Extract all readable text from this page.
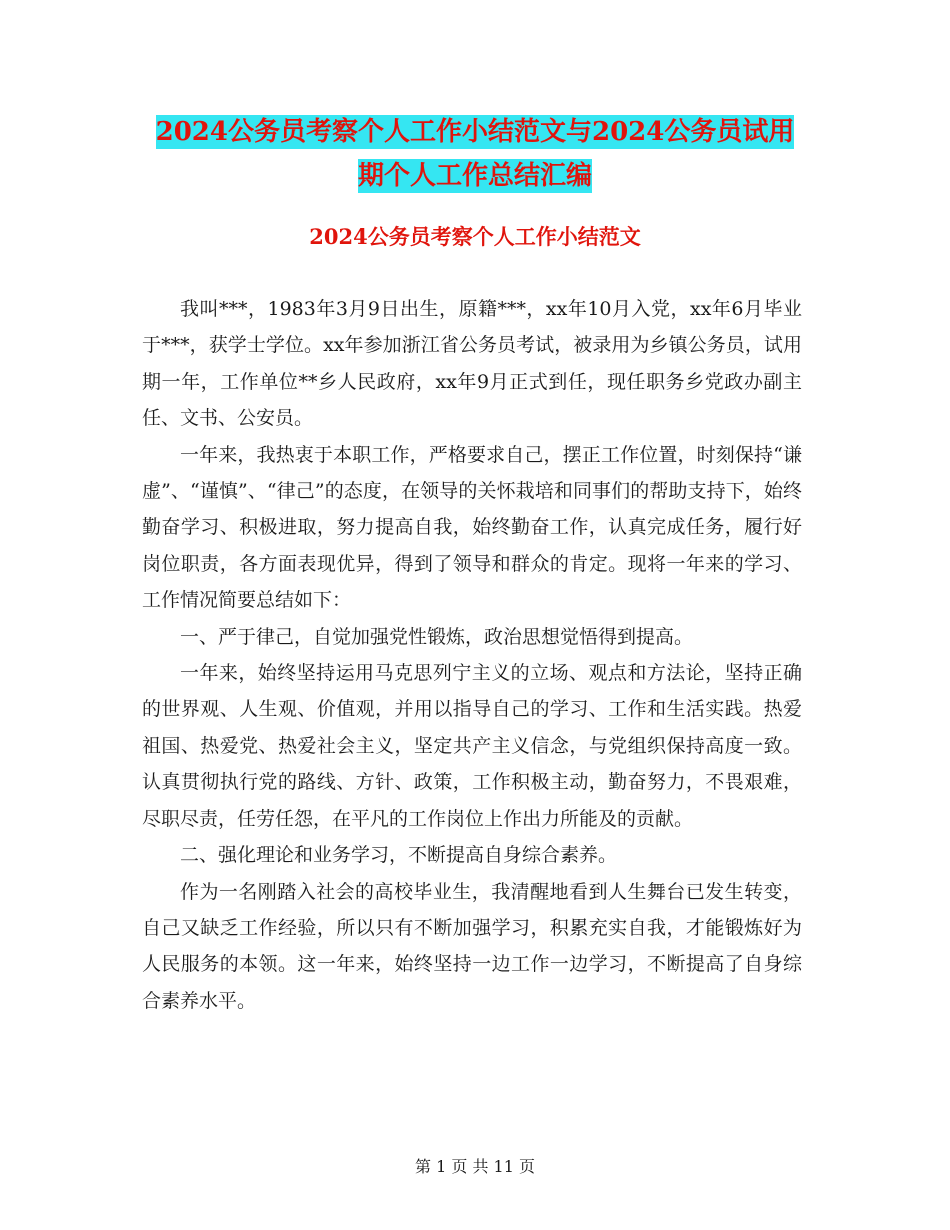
2024公务员考察个人工作小结范文与2024公务员试用
期个人工作总结汇编
2024公务员考察个人工作小结范文

我叫***，1983年3月9日出生，原籍***，xx年10月入党，xx年6月毕业于***，获学士学位。xx年参加浙江省公务员考试，被录用为乡镇公务员，试用期一年，工作单位**乡人民政府，xx年9月正式到任，现任职务乡党政办副主任、文书、公安员。

一年来，我热衷于本职工作，严格要求自己，摆正工作位置，时刻保持“谦虚”、“谨慎”、“律己”的态度，在领导的关怀栽培和同事们的帮助支持下，始终勤奋学习、积极进取，努力提高自我，始终勤奋工作，认真完成任务，履行好岗位职责，各方面表现优异，得到了领导和群众的肯定。现将一年来的学习、工作情况简要总结如下：

一、严于律己，自觉加强党性锻炼，政治思想觉悟得到提高。

一年来，始终坚持运用马克思列宁主义的立场、观点和方法论，坚持正确的世界观、人生观、价值观，并用以指导自己的学习、工作和生活实践。热爱祖国、热爱党、热爱社会主义，坚定共产主义信念，与党组织保持高度一致。认真贯彻执行党的路线、方针、政策，工作积极主动，勤奋努力，不畏艰难，尽职尽责，任劳任怨，在平凡的工作岗位上作出力所能及的贡献。

二、强化理论和业务学习，不断提高自身综合素养。

作为一名刚踏入社会的高校毕业生，我清醒地看到人生舞台已发生转变，自己又缺乏工作经验，所以只有不断加强学习，积累充实自我，才能锻炼好为人民服务的本领。这一年来，始终坚持一边工作一边学习，不断提高了自身综合素养水平。

第 1 页 共 11 页
